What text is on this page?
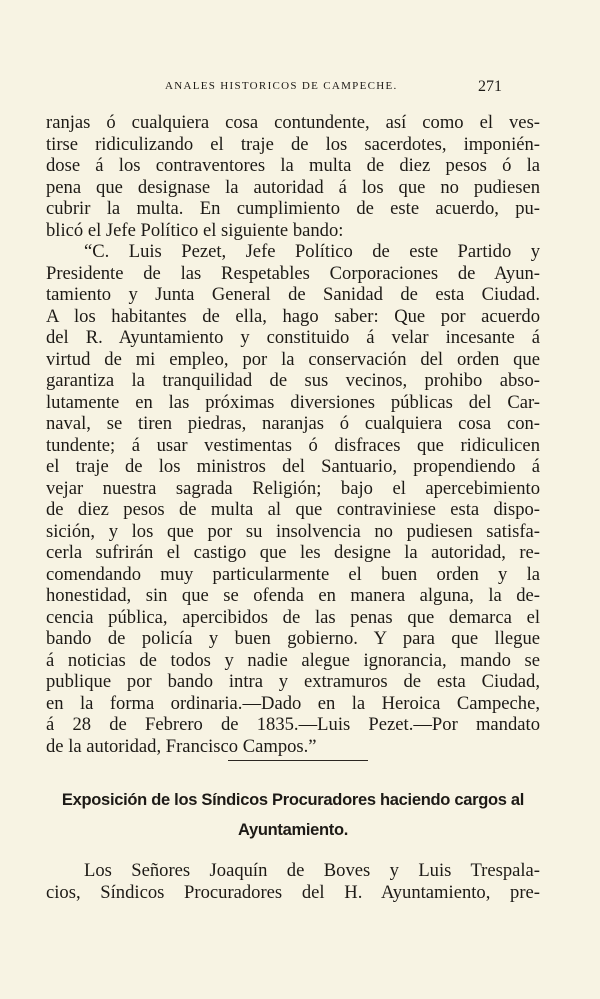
ANALES HISTORICOS DE CAMPECHE.	271
ranjas ó cualquiera cosa contundente, así como el ves-
tirse ridiculizando el traje de los sacerdotes, imponién-
dose á los contraventores la multa de diez pesos ó la
pena que designase la autoridad á los que no pudiesen
cubrir la multa. En cumplimiento de este acuerdo, pu-
blicó el Jefe Político el siguiente bando:
“C. Luis Pezet, Jefe Político de este Partido y
Presidente de las Respetables Corporaciones de Ayun-
tamiento y Junta General de Sanidad de esta Ciudad.
A los habitantes de ella, hago saber: Que por acuerdo
del R. Ayuntamiento y constituido á velar incesante á
virtud de mi empleo, por la conservación del orden que
garantiza la tranquilidad de sus vecinos, prohibo abso-
lutamente en las próximas diversiones públicas del Car-
naval, se tiren piedras, naranjas ó cualquiera cosa con-
tundente; á usar vestimentas ó disfraces que ridiculicen
el traje de los ministros del Santuario, propendiendo á
vejar nuestra sagrada Religión; bajo el apercebimiento
de diez pesos de multa al que contraviniese esta dispo-
sición, y los que por su insolvencia no pudiesen satisfa-
cerla sufrirán el castigo que les designe la autoridad, re-
comendando muy particularmente el buen orden y la
honestidad, sin que se ofenda en manera alguna, la de-
cencia pública, apercibidos de las penas que demarca el
bando de policía y buen gobierno. Y para que llegue
á noticias de todos y nadie alegue ignorancia, mando se
publique por bando intra y extramuros de esta Ciudad,
en la forma ordinaria.—Dado en la Heroica Campeche,
á 28 de Febrero de 1835.—Luis Pezet.—Por mandato
de la autoridad, Francisco Campos.”
Exposición de los Síndicos Procuradores haciendo cargos al
Ayuntamiento.
Los Señores Joaquín de Boves y Luis Trespala-
cios, Síndicos Procuradores del H. Ayuntamiento, pre-
